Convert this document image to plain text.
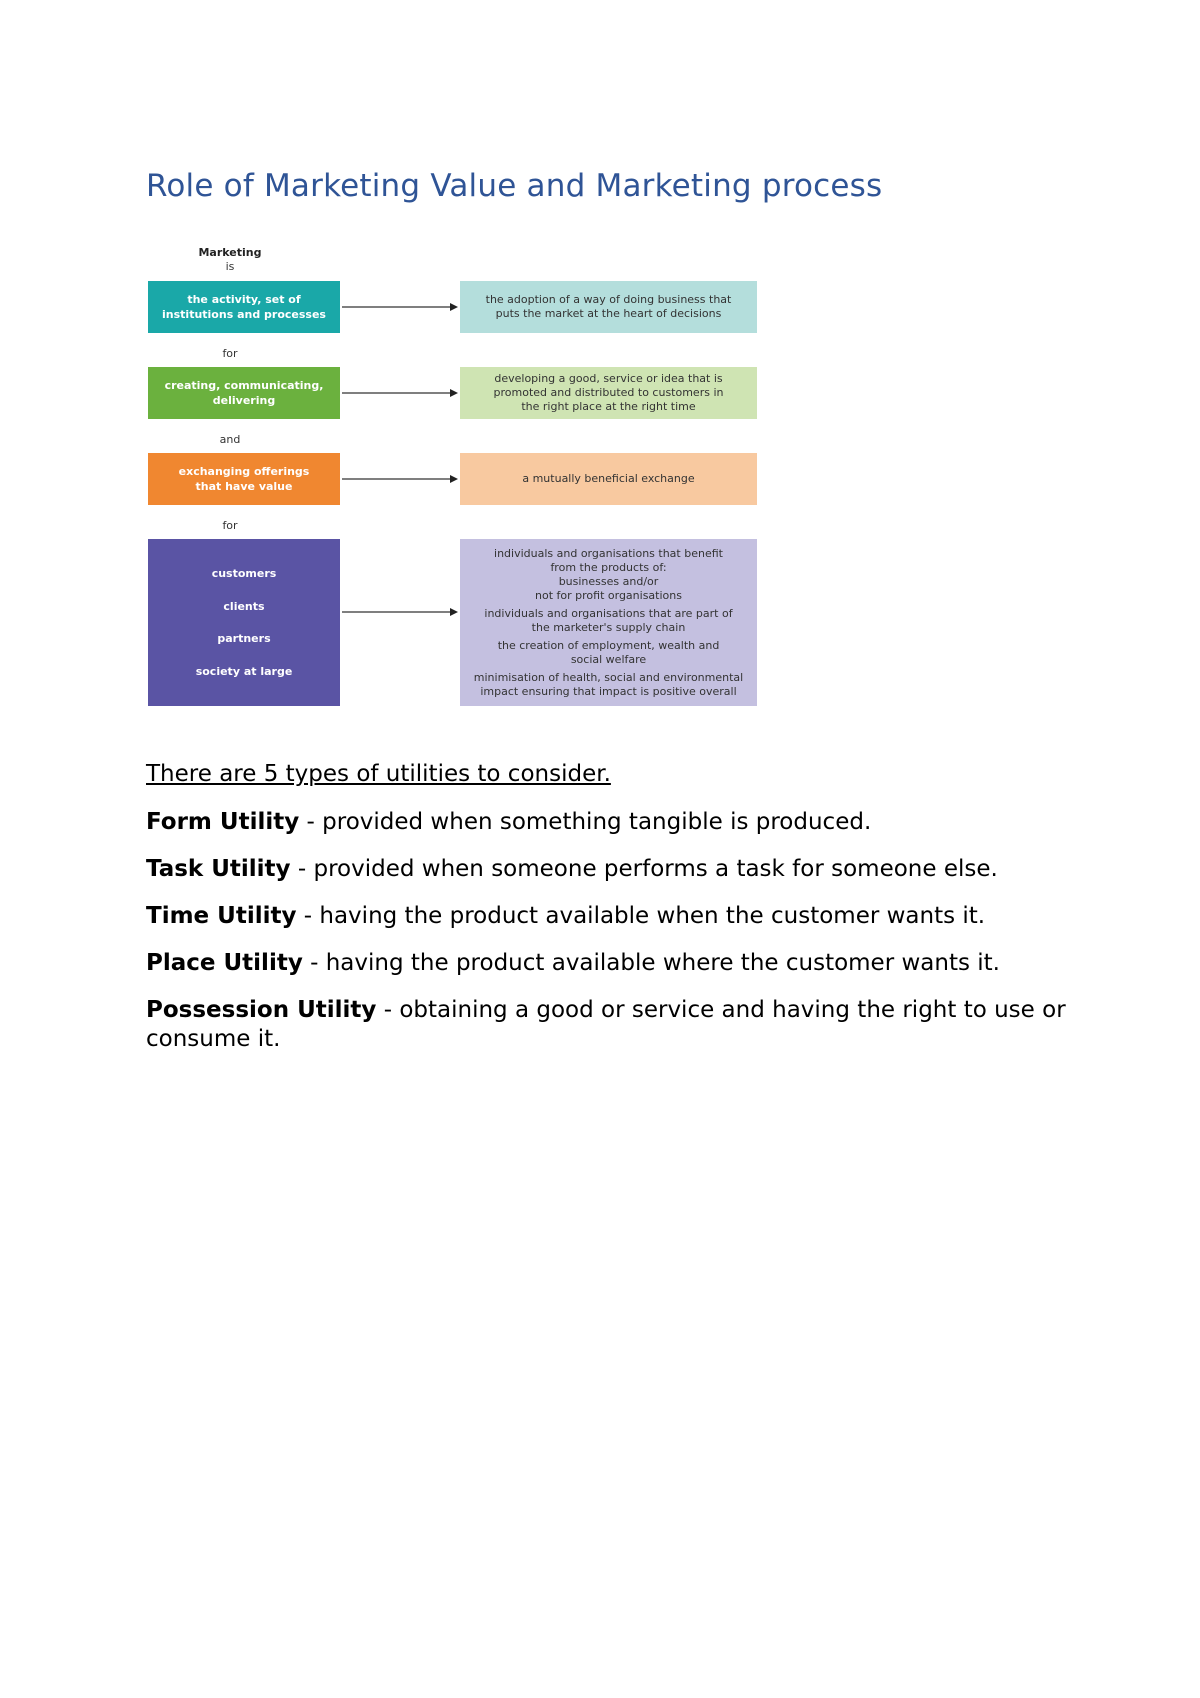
Role of Marketing Value and Marketing process
Marketing
is
the activity, set of
institutions and processes
the adoption of a way of doing business that
puts the market at the heart of decisions
for
creating, communicating,
delivering
developing a good, service or idea that is
promoted and distributed to customers in
the right place at the right time
and
exchanging offerings
that have value
a mutually beneficial exchange
for
customers
clients
partners
society at large
individuals and organisations that benefit
from the products of:
businesses and/or
not for profit organisations
individuals and organisations that are part of
the marketer's supply chain
the creation of employment, wealth and
social welfare
minimisation of health, social and environmental
impact ensuring that impact is positive overall
There are 5 types of utilities to consider.

Form Utility - provided when something tangible is produced.

Task Utility - provided when someone performs a task for someone else.

Time Utility - having the product available when the customer wants it.

Place Utility - having the product available where the customer wants it.

Possession Utility - obtaining a good or service and having the right to use or consume it.
